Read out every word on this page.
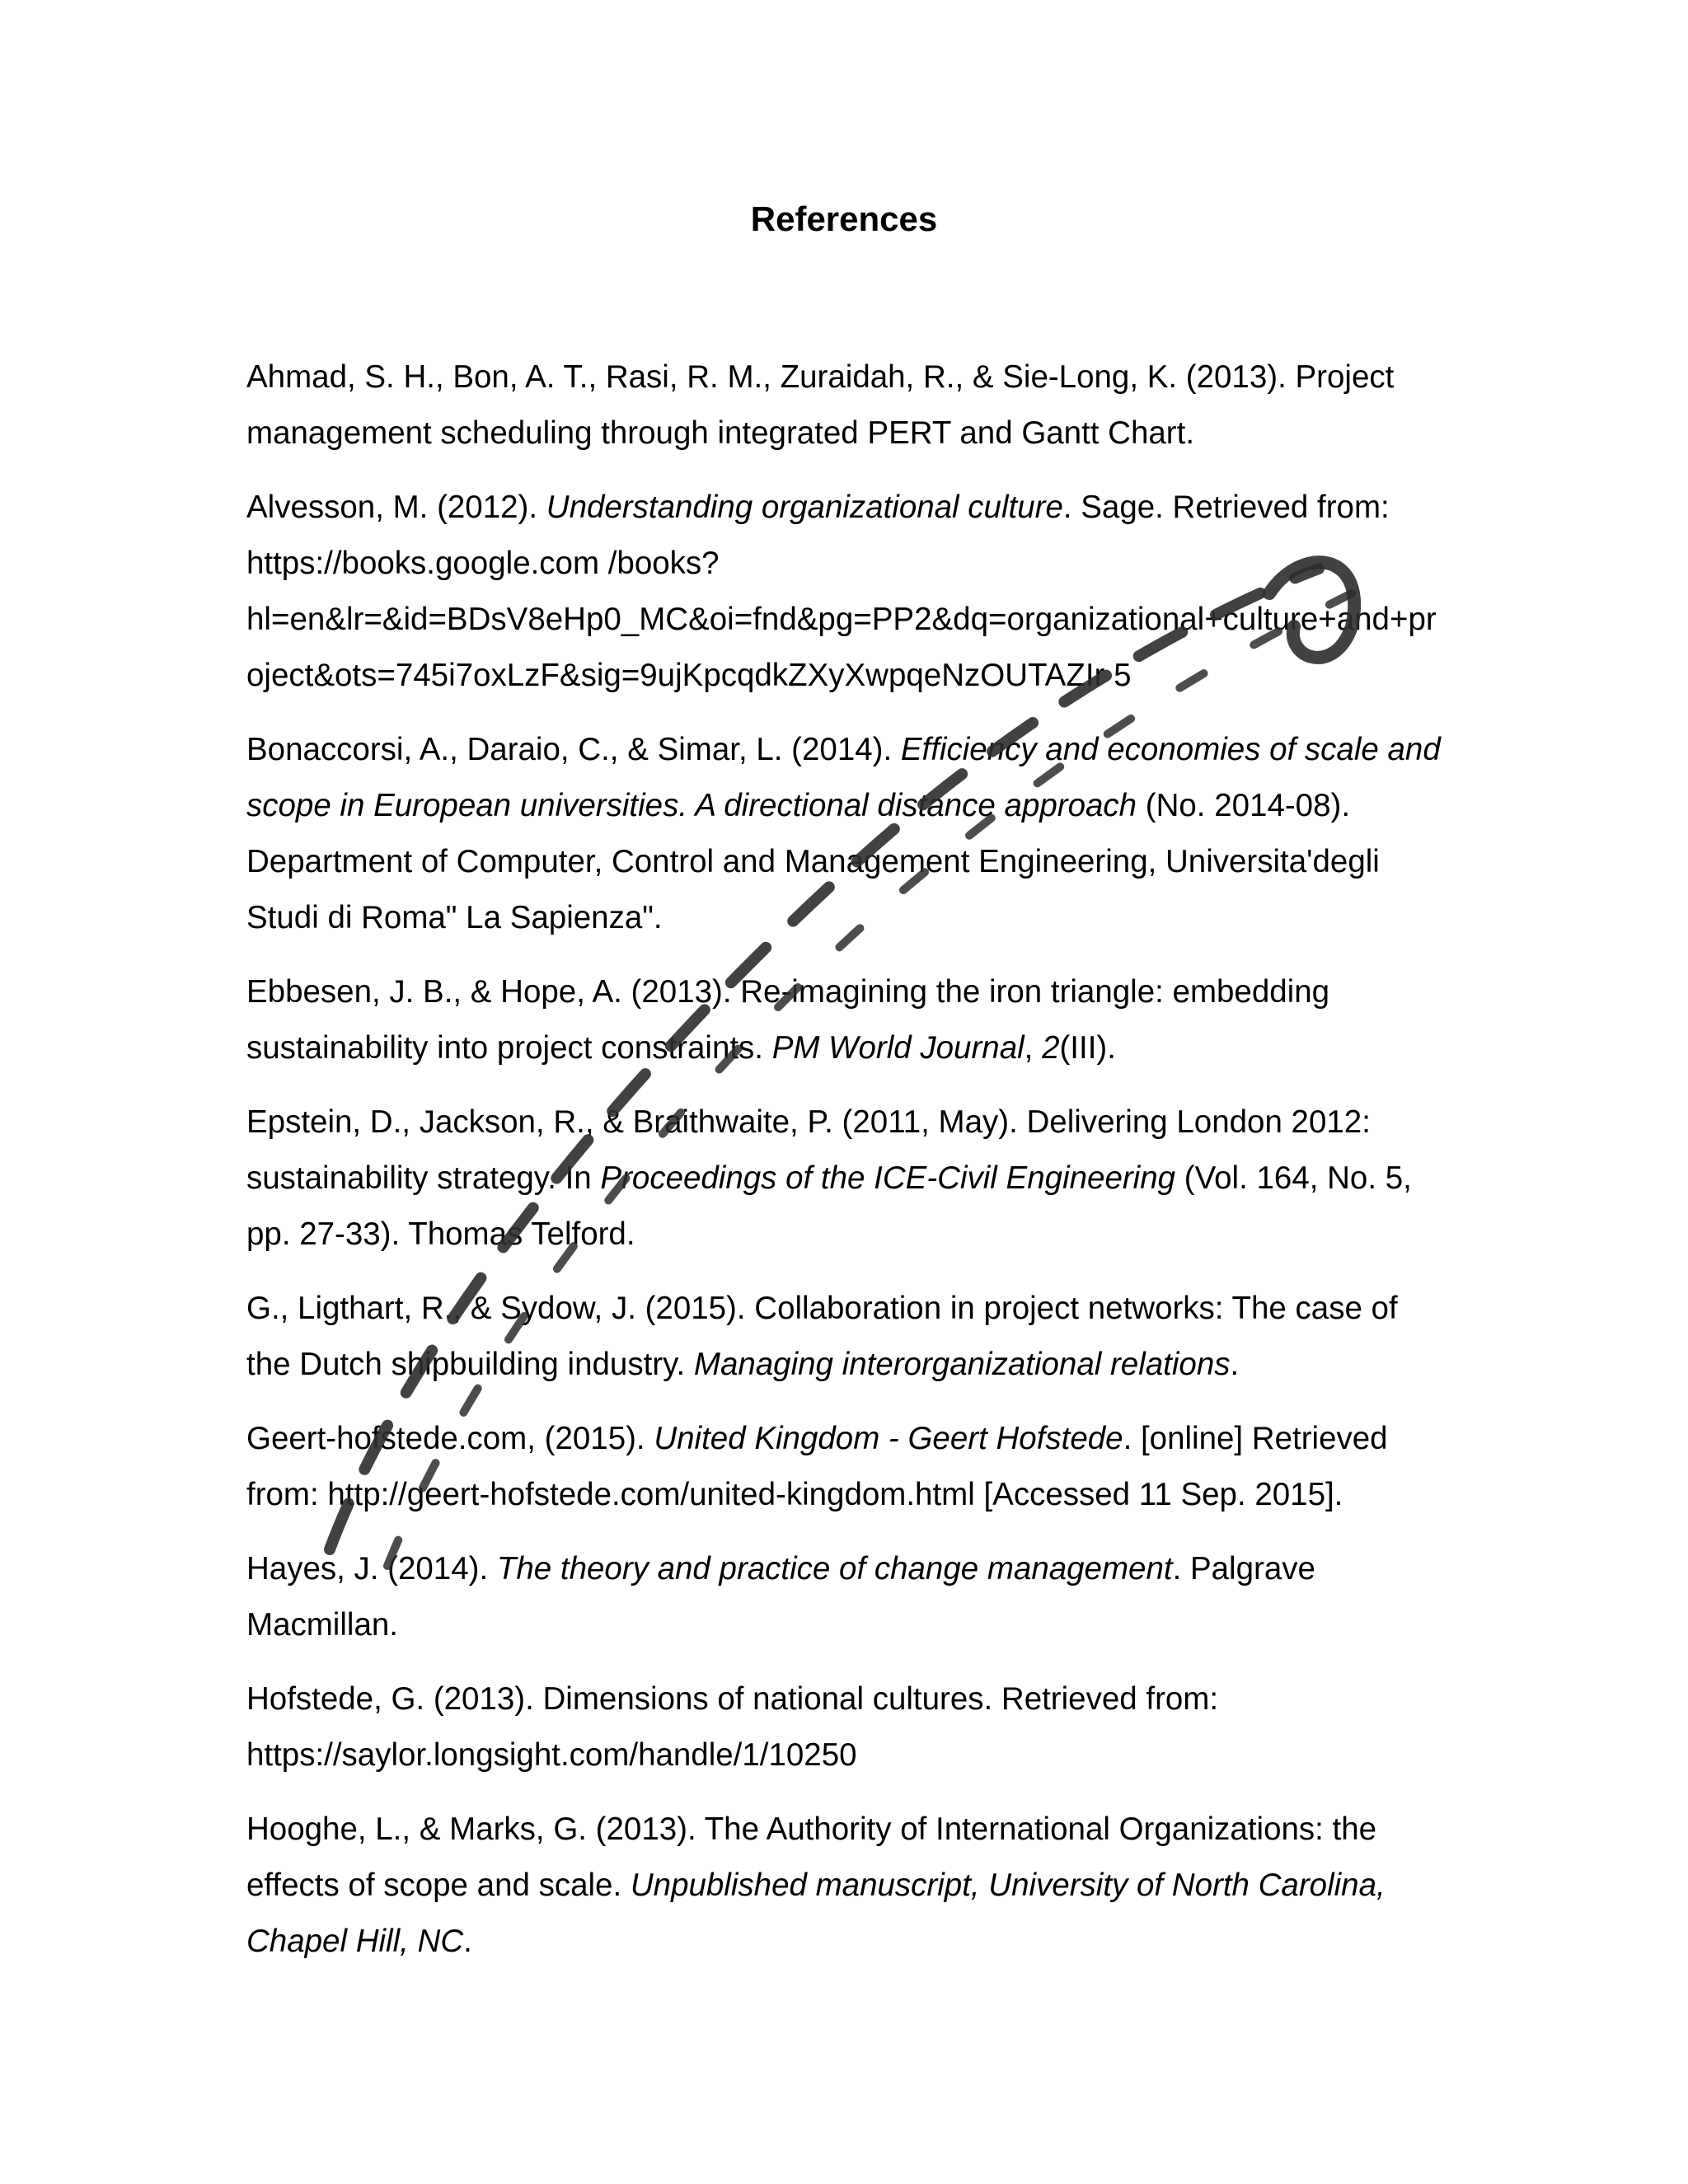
References
Ahmad, S. H., Bon, A. T., Rasi, R. M., Zuraidah, R., & Sie-Long, K. (2013). Project management scheduling through integrated PERT and Gantt Chart.
Alvesson, M. (2012). Understanding organizational culture. Sage. Retrieved from: https://books.google.com /books?hl=en&lr=&id=BDsV8eHp0_MC&oi=fnd&pg=PP2&dq=organizational+culture+and+project&ots=745i7oxLzF&sig=9ujKpcqdkZXyXwpqeNzOUTAZIr 5
Bonaccorsi, A., Daraio, C., & Simar, L. (2014). Efficiency and economies of scale and scope in European universities. A directional distance approach (No. 2014-08). Department of Computer, Control and Management Engineering, Universita'degli Studi di Roma" La Sapienza".
Ebbesen, J. B., & Hope, A. (2013). Re-imagining the iron triangle: embedding sustainability into project constraints. PM World Journal, 2(III).
Epstein, D., Jackson, R., & Braithwaite, P. (2011, May). Delivering London 2012: sustainability strategy. In Proceedings of the ICE-Civil Engineering (Vol. 164, No. 5, pp. 27-33). Thomas Telford.
G., Ligthart, R., & Sydow, J. (2015). Collaboration in project networks: The case of the Dutch shipbuilding industry. Managing interorganizational relations.
Geert-hofstede.com, (2015). United Kingdom - Geert Hofstede. [online] Retrieved from: http://geert-hofstede.com/united-kingdom.html [Accessed 11 Sep. 2015].
Hayes, J. (2014). The theory and practice of change management. Palgrave Macmillan.
Hofstede, G. (2013). Dimensions of national cultures. Retrieved from: https://saylor.longsight.com/handle/1/10250
Hooghe, L., & Marks, G. (2013). The Authority of International Organizations: the effects of scope and scale. Unpublished manuscript, University of North Carolina, Chapel Hill, NC.
